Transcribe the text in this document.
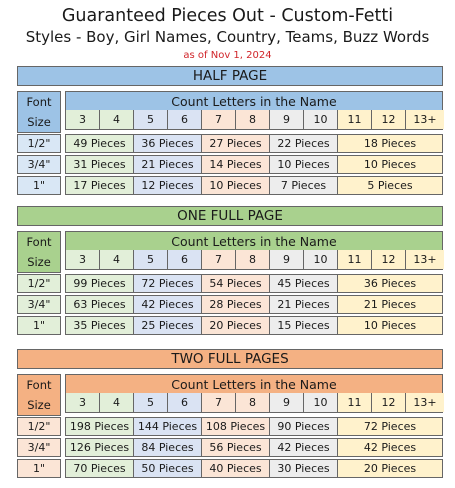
Guaranteed Pieces Out - Custom-Fetti
Styles - Boy, Girl Names, Country, Teams, Buzz Words
as of Nov 1, 2024
HALF PAGE
Font
Size
Count Letters in the Name
3	4	5	6	7	8	9	10	11	12	13+
1/2"	49 Pieces	36 Pieces	27 Pieces	22 Pieces	18 Pieces
3/4"	31 Pieces	21 Pieces	14 Pieces	10 Pieces	10 Pieces
1"	17 Pieces	12 Pieces	10 Pieces	7 Pieces	5 Pieces
ONE FULL PAGE
Font
Size
Count Letters in the Name
3	4	5	6	7	8	9	10	11	12	13+
1/2"	99 Pieces	72 Pieces	54 Pieces	45 Pieces	36 Pieces
3/4"	63 Pieces	42 Pieces	28 Pieces	21 Pieces	21 Pieces
1"	35 Pieces	25 Pieces	20 Pieces	15 Pieces	10 Pieces
TWO FULL PAGES
Font
Size
Count Letters in the Name
3	4	5	6	7	8	9	10	11	12	13+
1/2"	198 Pieces 144 Pieces 108 Pieces	90 Pieces	72 Pieces
3/4"	126 Pieces	84 Pieces	56 Pieces	42 Pieces	42 Pieces
1"	70 Pieces	50 Pieces	40 Pieces	30 Pieces	20 Pieces
